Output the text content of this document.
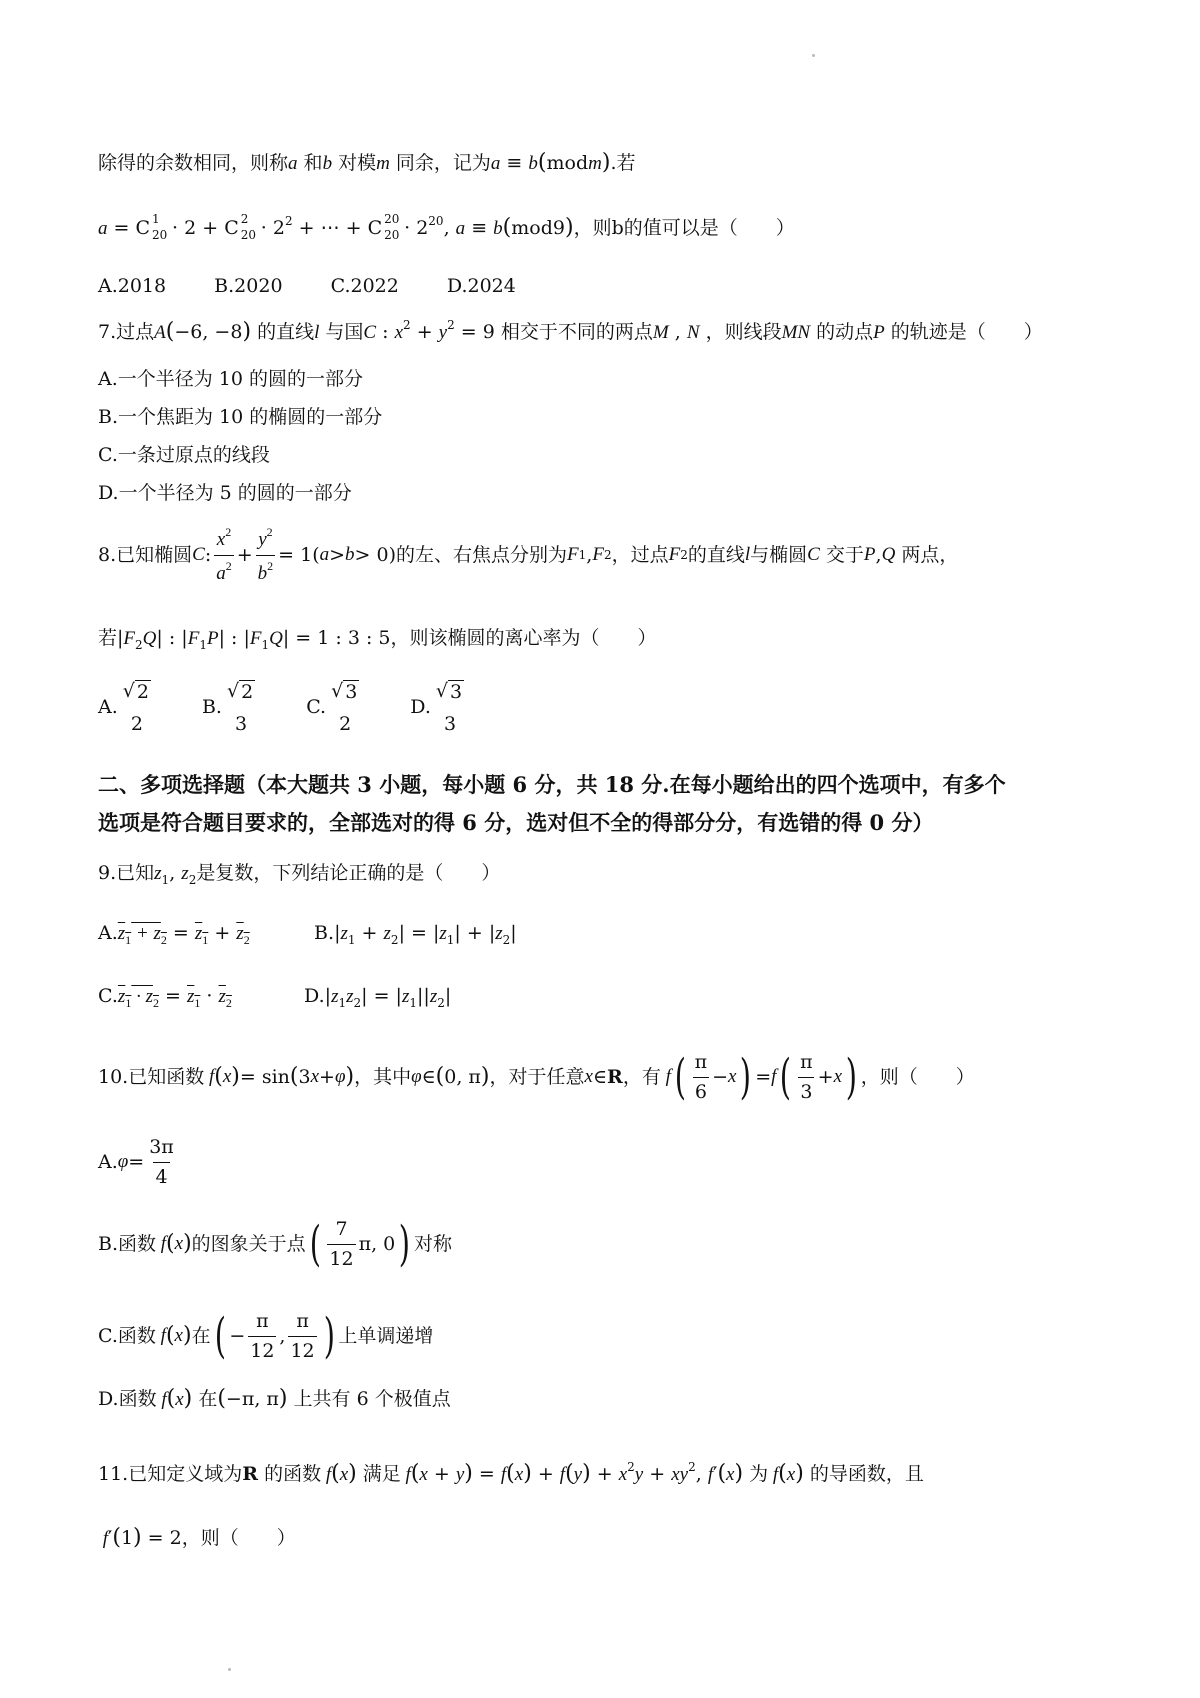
除得的余数相同，则称a 和b 对模m 同余，记为a ≡ b(modm).若
a = C 1
20 · 2 + C 2
$20 \cdot 2^2$ + ⋯ + C 20
$20 \cdot 2^{20}$, a ≡ b(mod9)，则b的值可以是（　　）
A.2018	B.2020	C.2022	D.2024
7.过点A(−6, −8) 的直线l 与国C : $x^2 + y^2 = 9$ 相交于不同的两点M , N ，则线段MN 的动点P 的轨迹是（　　）
A.一个半径为 10 的圆的一部分
B.一个焦距为 10 的椭圆的一部分
C.一条过原点的线段
D.一个半径为 5 的圆的一部分
8.已知椭圆 C : $\frac{x^2}{a^2} + \frac{y^2}{b^2} = 1$( a > b > 0) 的左、右焦点分别为 F 1 , F 2 ，过点 F 2 的直线 l 与椭圆 C
交于 P , Q
两点，
若$|F_2Q|$ : $|F_1P|$ : $|F_1Q| = 1$ : 3 : 5，则该椭圆的离心率为（　　）
A.
√ 2
2
B.
√ 2
3
C.
√ 3
2
D.
√ 3
3
二、多项选择题（本大题共 3 小题，每小题 6 分，共 18 分.在每小题给出的四个选项中，有多个
选项是符合题目要求的，全部选对的得 6 分，选对但不全的得部分分，有选错的得 0 分）
9.已知$z_1$, $z_2$是复数，下列结论正确的是（　　）
$A.z_1 + z_2 = z_1 + z_2$	$B.|z_1 + z_2| = |z_1| + |z_2|$
$C.z_1 \cdot z_2 = z_1 \cdot z_2$	$D.|z_1z_2| = |z_1||z_2|$
10.已知函数 f ( x ) = sin ( 3 x + φ ) ，其中 φ ∈ ( 0, π ) ，对于任意 x ∈ R ，有 f ( $\frac{\pi}{6} - x$ ) = f ( $\frac{\pi}{3} + x$ ) ，则（　　）
A. $\varphi = \frac{3\pi}{4}$
B.函数 f ( x ) 的图象关于点 ( $\frac{7}{12} \pi$, 0 ) 对称
C.函数 f ( x ) 在 ( − $\frac{\pi}{12}$ , $\frac{\pi}{12}$ ) 上单调递增
D.函数 f(x) 在(−π, π) 上共有 6 个极值点
11.已知定义域为R 的函数 f(x) 满足 $f(x + y) = f(x) + f(y) + x^2y + xy^2$, f′(x) 为 f(x) 的导函数，且
f′(1) = 2，则（　　）
